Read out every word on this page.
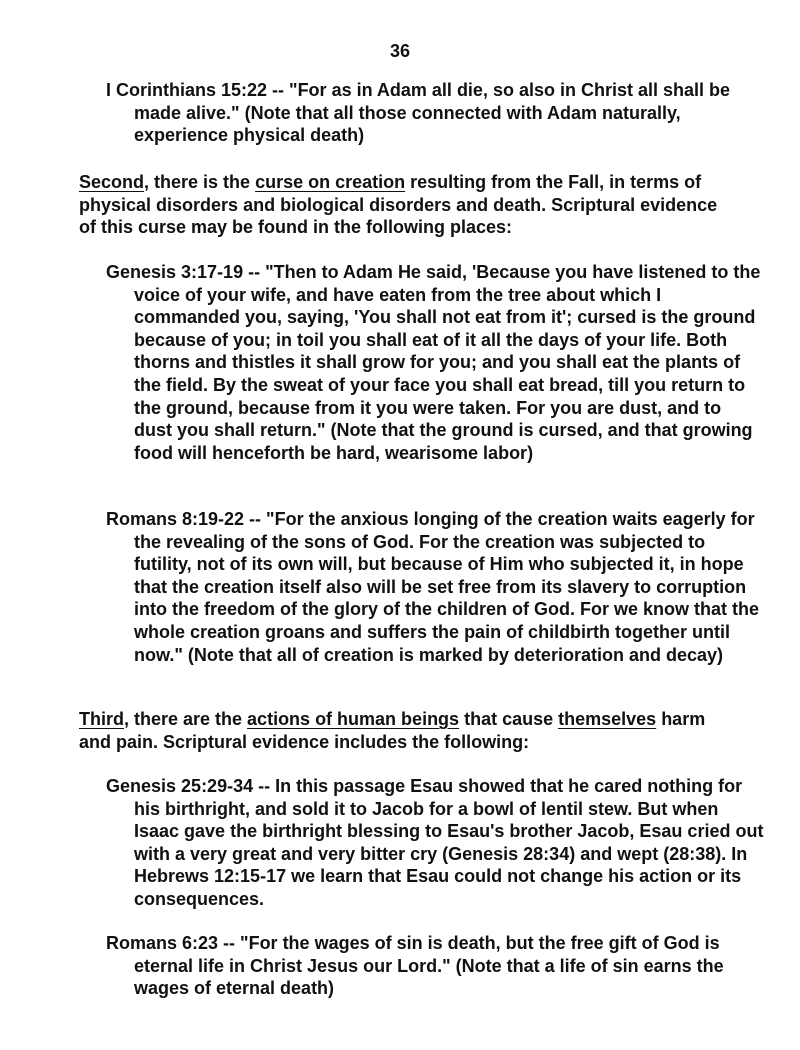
36
I Corinthians 15:22 -- "For as in Adam all die, so also in Christ all shall be made alive." (Note that all those connected with Adam naturally, experience physical death)
Second, there is the curse on creation resulting from the Fall, in terms of physical disorders and biological disorders and death. Scriptural evidence of this curse may be found in the following places:
Genesis 3:17-19 -- "Then to Adam He said, 'Because you have listened to the voice of your wife, and have eaten from the tree about which I commanded you, saying, 'You shall not eat from it'; cursed is the ground because of you; in toil you shall eat of it all the days of your life. Both thorns and thistles it shall grow for you; and you shall eat the plants of the field. By the sweat of your face you shall eat bread, till you return to the ground, because from it you were taken. For you are dust, and to dust you shall return." (Note that the ground is cursed, and that growing food will henceforth be hard, wearisome labor)
Romans 8:19-22 -- "For the anxious longing of the creation waits eagerly for the revealing of the sons of God. For the creation was subjected to futility, not of its own will, but because of Him who subjected it, in hope that the creation itself also will be set free from its slavery to corruption into the freedom of the glory of the children of God. For we know that the whole creation groans and suffers the pain of childbirth together until now." (Note that all of creation is marked by deterioration and decay)
Third, there are the actions of human beings that cause themselves harm and pain. Scriptural evidence includes the following:
Genesis 25:29-34 -- In this passage Esau showed that he cared nothing for his birthright, and sold it to Jacob for a bowl of lentil stew. But when Isaac gave the birthright blessing to Esau's brother Jacob, Esau cried out with a very great and very bitter cry (Genesis 28:34) and wept (28:38). In Hebrews 12:15-17 we learn that Esau could not change his action or its consequences.
Romans 6:23 -- "For the wages of sin is death, but the free gift of God is eternal life in Christ Jesus our Lord." (Note that a life of sin earns the wages of eternal death)
